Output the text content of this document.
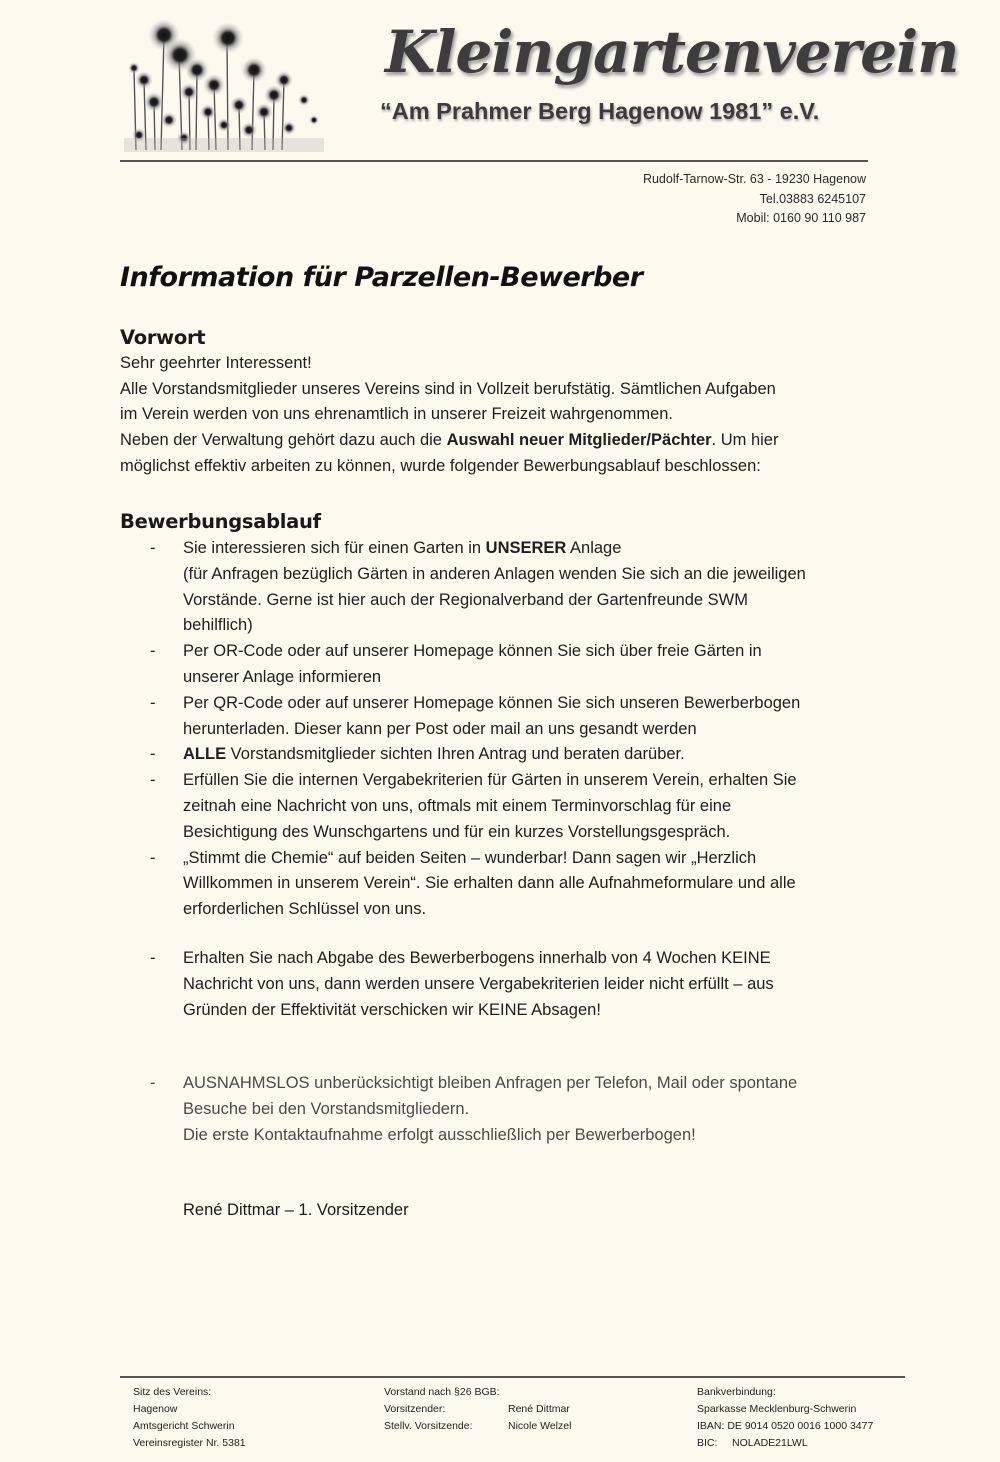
Kleingartenverein
“Am Prahmer Berg Hagenow 1981” e.V.
Rudolf-Tarnow-Str. 63 - 19230 Hagenow
Tel.03883 6245107
Mobil: 0160 90 110 987
Information für Parzellen-Bewerber
Vorwort
Sehr geehrter Interessent!
Alle Vorstandsmitglieder unseres Vereins sind in Vollzeit berufstätig. Sämtlichen Aufgaben
im Verein werden von uns ehrenamtlich in unserer Freizeit wahrgenommen.
Neben der Verwaltung gehört dazu auch die Auswahl neuer Mitglieder/Pächter. Um hier
möglichst effektiv arbeiten zu können, wurde folgender Bewerbungsablauf beschlossen:
Bewerbungsablauf
- Sie interessieren sich für einen Garten in UNSERER Anlage
(für Anfragen bezüglich Gärten in anderen Anlagen wenden Sie sich an die jeweiligen
Vorstände. Gerne ist hier auch der Regionalverband der Gartenfreunde SWM
behilflich)
- Per OR-Code oder auf unserer Homepage können Sie sich über freie Gärten in
unserer Anlage informieren
- Per QR-Code oder auf unserer Homepage können Sie sich unseren Bewerberbogen
herunterladen. Dieser kann per Post oder mail an uns gesandt werden
- ALLE Vorstandsmitglieder sichten Ihren Antrag und beraten darüber.
- Erfüllen Sie die internen Vergabekriterien für Gärten in unserem Verein, erhalten Sie
zeitnah eine Nachricht von uns, oftmals mit einem Terminvorschlag für eine
Besichtigung des Wunschgartens und für ein kurzes Vorstellungsgespräch.
- „Stimmt die Chemie“ auf beiden Seiten – wunderbar! Dann sagen wir „Herzlich
Willkommen in unserem Verein“. Sie erhalten dann alle Aufnahmeformulare und alle
erforderlichen Schlüssel von uns.
- Erhalten Sie nach Abgabe des Bewerberbogens innerhalb von 4 Wochen KEINE
Nachricht von uns, dann werden unsere Vergabekriterien leider nicht erfüllt – aus
Gründen der Effektivität verschicken wir KEINE Absagen!
- AUSNAHMSLOS unberücksichtigt bleiben Anfragen per Telefon, Mail oder spontane
Besuche bei den Vorstandsmitgliedern.
Die erste Kontaktaufnahme erfolgt ausschließlich per Bewerberbogen!
René Dittmar – 1. Vorsitzender
Sitz des Vereins:
Hagenow
Amtsgericht Schwerin
Vereinsregister Nr. 5381
Vorstand nach §26 BGB:
Vorsitzender:	René Dittmar
Stellv. Vorsitzende:	Nicole Welzel
Bankverbindung:
Sparkasse Mecklenburg-Schwerin
IBAN: DE 9014 0520 0016 1000 3477
BIC:     NOLADE21LWL
